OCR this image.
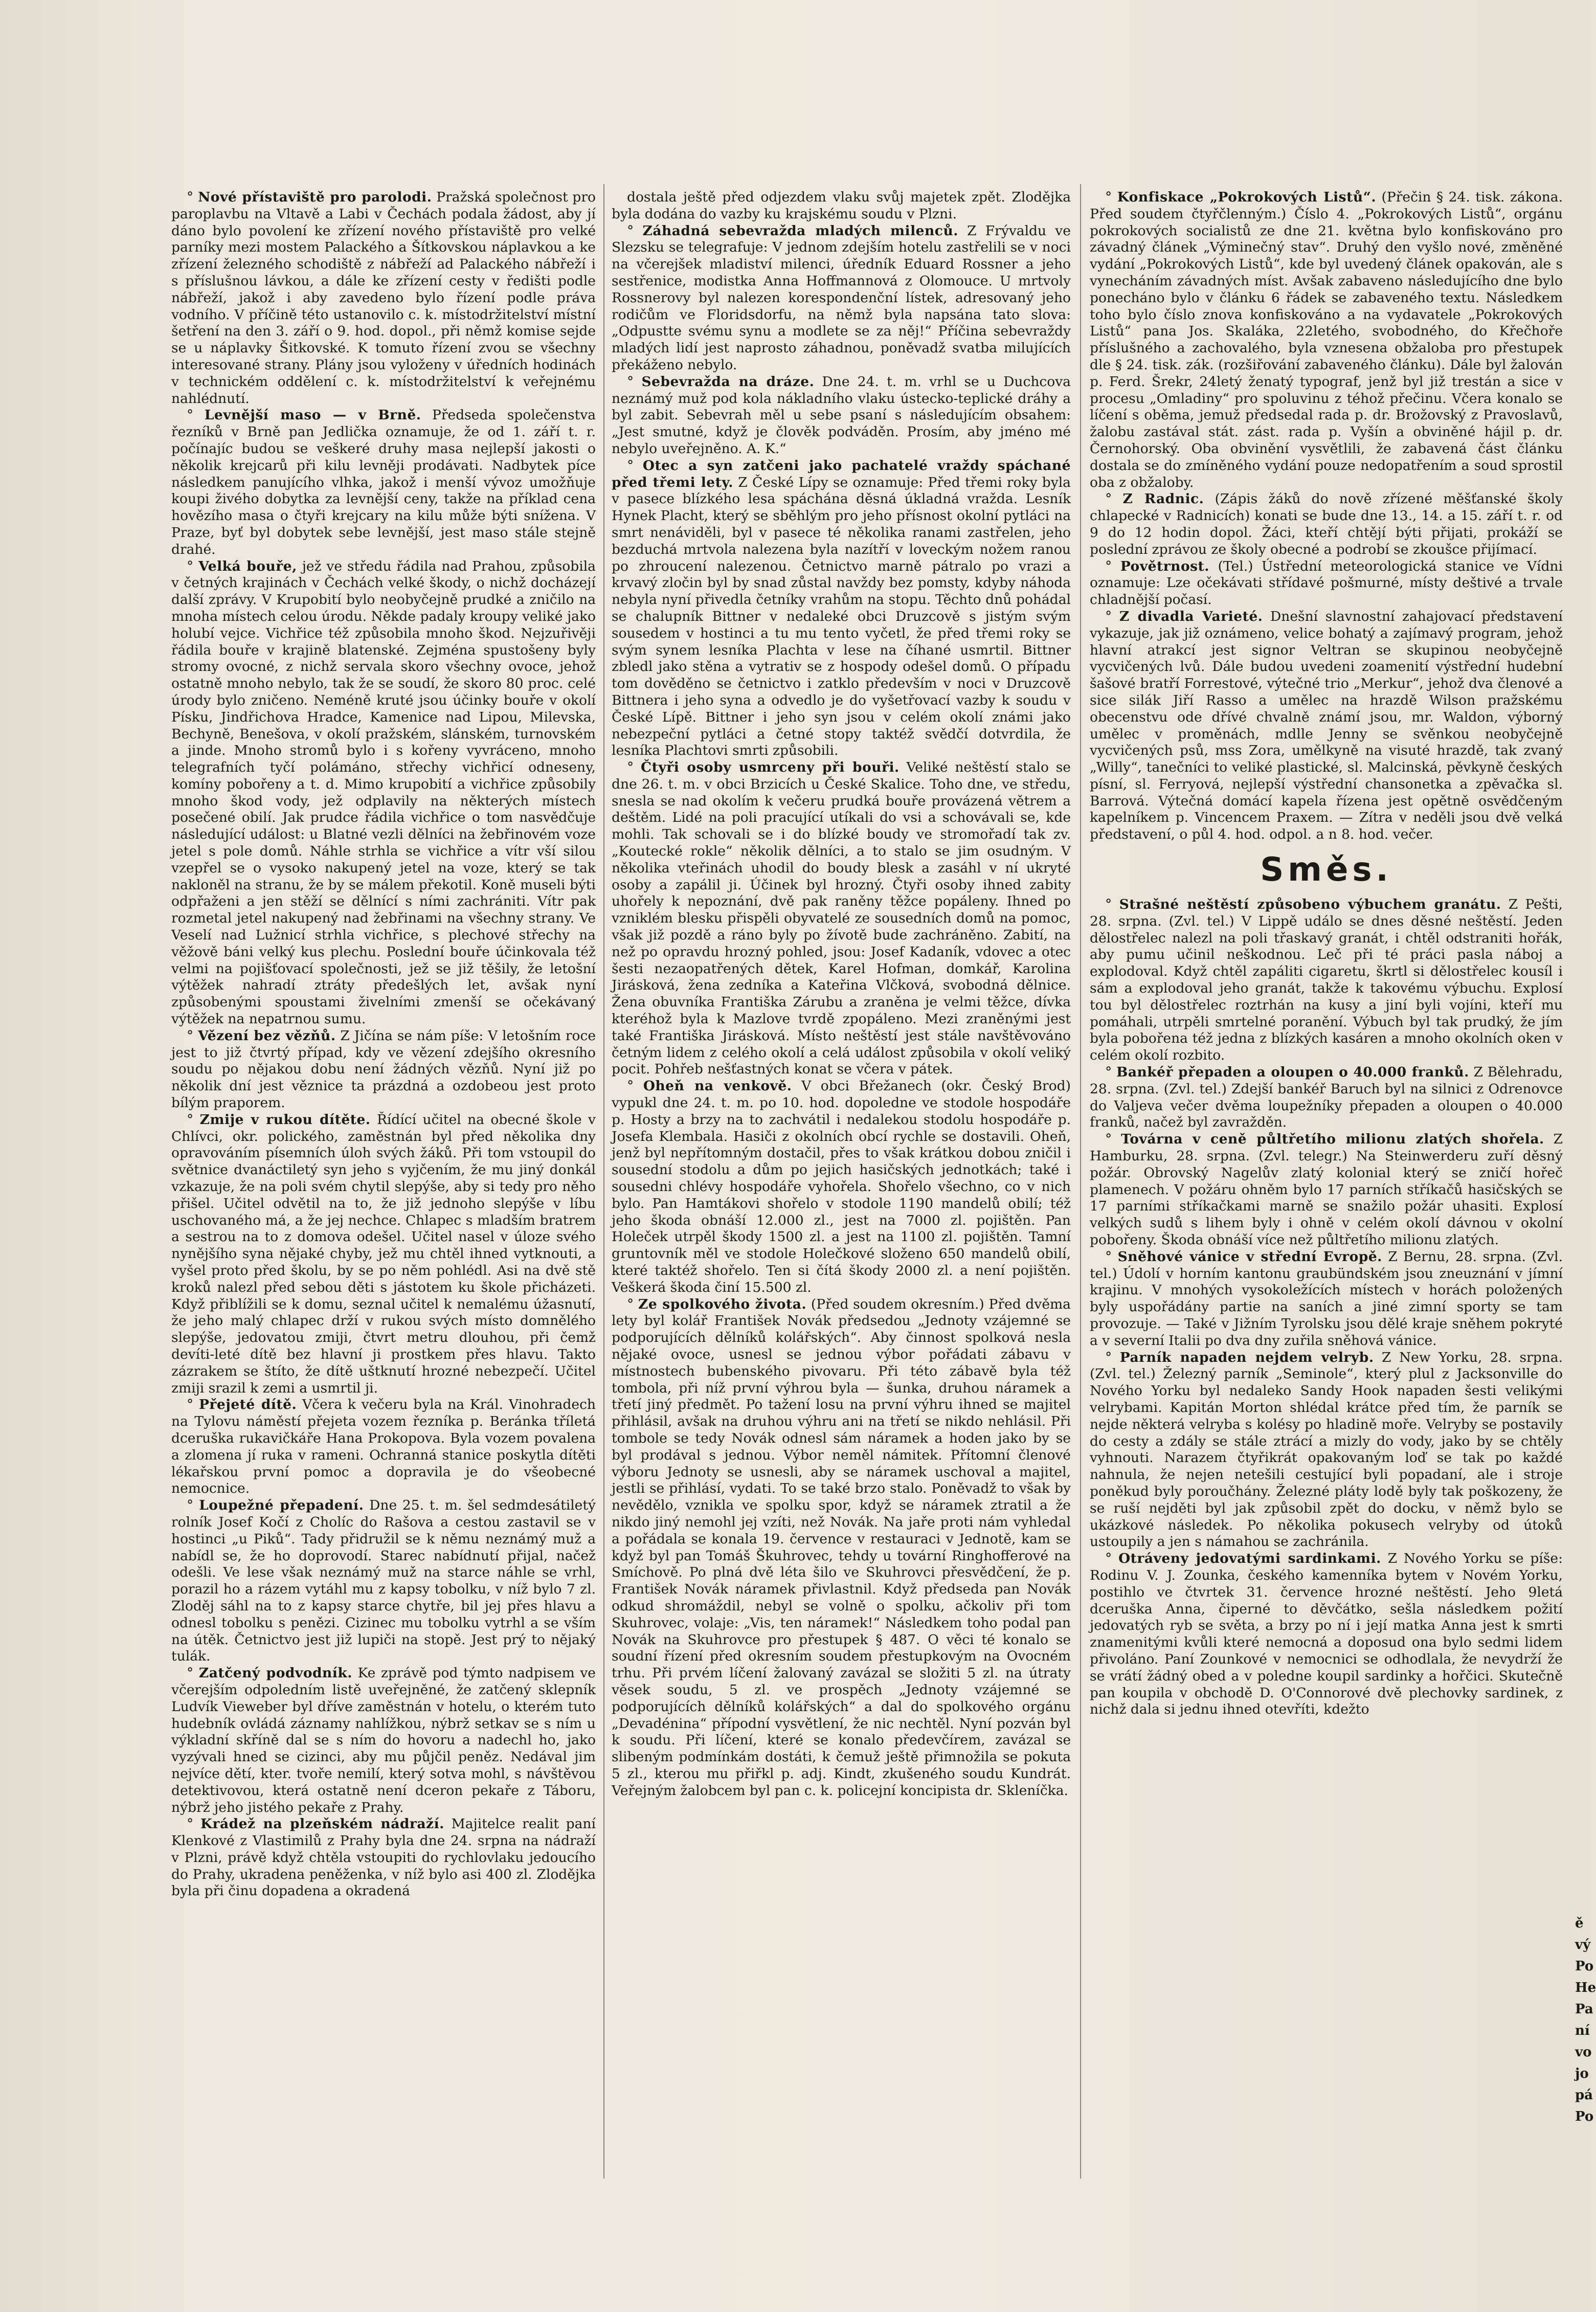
° Nové přístaviště pro parolodi. Pražská společnost pro paroplavbu na Vltavě a Labi v Čechách podala žádost, aby jí dáno bylo povolení ke zřízení nového přístaviště pro velké parníky mezi mostem Palackého a Šítkovskou náplavkou a ke zřízení železného schodiště z nábřeží ad Palackého nábřeží i s příslušnou lávkou, a dále ke zřízení cesty v ředišti podle nábřeží, jakož i aby zavedeno bylo řízení podle práva vodního. V příčině této ustanovilo c. k. místodržitelství místní šetření na den 3. září o 9. hod. dopol., při němž komise sejde se u náplavky Šitkovské. K tomuto řízení zvou se všechny interesované strany. Plány jsou vyloženy v úředních hodinách v technickém oddělení c. k. místodržitelství k veřejnému nahlédnutí.

° Levnější maso — v Brně. Předseda společenstva řezníků v Brně pan Jedlička oznamuje, že od 1. září t. r. počínajíc budou se veškeré druhy masa nejlepší jakosti o několik krejcarů při kilu levněji prodávati. Nadbytek píce následkem panujícího vlhka, jakož i menší vývoz umožňuje koupi živého dobytka za levnější ceny, takže na příklad cena hovězího masa o čtyři krejcary na kilu může býti snížena. V Praze, byť byl dobytek sebe levnější, jest maso stále stejně drahé.

° Velká bouře, jež ve středu řádila nad Prahou, způsobila v četných krajinách v Čechách velké škody, o nichž docházejí další zprávy. V Krupobití bylo neobyčejně prudké a zničilo na mnoha místech celou úrodu. Někde padaly kroupy veliké jako holubí vejce. Vichřice též způsobila mnoho škod. Nejzuřivěji řádila bouře v krajině blatenské. Zejména spustošeny byly stromy ovocné, z nichž servala skoro všechny ovoce, jehož ostatně mnoho nebylo, tak že se soudí, že skoro 80 proc. celé úrody bylo zničeno. Neméně kruté jsou účinky bouře v okolí Písku, Jindřichova Hradce, Kamenice nad Lipou, Milevska, Bechyně, Benešova, v okolí pražském, slánském, turnovském a jinde. Mnoho stromů bylo i s kořeny vyvráceno, mnoho telegrafních tyčí polámáno, střechy vichřicí odneseny, komíny pobořeny a t. d. Mimo krupobití a vichřice způsobily mnoho škod vody, jež odplavily na některých místech posečené obilí. Jak prudce řádila vichřice o tom nasvědčuje následující událost: u Blatné vezli dělníci na žebřinovém voze jetel s pole domů. Náhle strhla se vichřice a vítr vší silou vzepřel se o vysoko nakupený jetel na voze, který se tak nakloněl na stranu, že by se málem překotil. Koně museli býti odpřaženi a jen stěží se dělnící s ními zachrániti. Vítr pak rozmetal jetel nakupený nad žebřinami na všechny strany. Ve Veselí nad Lužnicí strhla vichřice, s plechové střechy na věžově báni velký kus plechu. Poslední bouře účinkovala též velmi na pojišťovací společnosti, jež se již těšily, že letošní výtěžek nahradí ztráty předešlých let, avšak nyní způsobenými spoustami živelními zmenší se očekávaný výtěžek na nepatrnou sumu.

° Vězení bez vězňů. Z Jičína se nám píše: V letošním roce jest to již čtvrtý případ, kdy ve vězení zdejšího okresního soudu po nějakou dobu není žádných vězňů. Nyní již po několik dní jest věznice ta prázdná a ozdobeou jest proto bílým praporem.

° Zmije v rukou dítěte. Řídící učitel na obecné škole v Chlívci, okr. polického, zaměstnán byl před několika dny opravováním písemních úloh svých žáků. Při tom vstoupil do světnice dvanáctiletý syn jeho s vyjčením, že mu jiný donkál vzkazuje, že na poli svém chytil slepýše, aby si tedy pro něho přišel. Učitel odvětil na to, že již jednoho slepýše v líbu uschovaného má, a že jej nechce. Chlapec s mladším bratrem a sestrou na to z domova odešel. Učitel nasel v úloze svého nynějšího syna nějaké chyby, jež mu chtěl ihned vytknouti, a vyšel proto před školu, by se po něm pohlédl. Asi na dvě stě kroků nalezl před sebou děti s jástotem ku škole přicházeti. Když přiblížili se k domu, seznal učitel k nemalému úžasnutí, že jeho malý chlapec drží v rukou svých místo domnělého slepýše, jedovatou zmiji, čtvrt metru dlouhou, při čemž devíti-leté dítě bez hlavní ji prostkem přes hlavu. Takto zázrakem se štíto, že dítě uštknutí hrozné nebezpečí. Učitel zmiji srazil k zemi a usmrtil ji.

° Přejeté dítě. Včera k večeru byla na Král. Vinohradech na Tylovu náměstí přejeta vozem řezníka p. Beránka tříletá dceruška rukavičkáře Hana Prokopova. Byla vozem povalena a zlomena jí ruka v rameni. Ochranná stanice poskytla dítěti lékařskou první pomoc a dopravila je do všeobecné nemocnice.

° Loupežné přepadení. Dne 25. t. m. šel sedmdesátiletý rolník Josef Kočí z Cholíc do Rašova a cestou zastavil se v hostinci „u Piků“. Tady přidružil se k němu neznámý muž a nabídl se, že ho doprovodí. Starec nabídnutí přijal, načež odešli. Ve lese však neznámý muž na starce náhle se vrhl, porazil ho a rázem vytáhl mu z kapsy tobolku, v níž bylo 7 zl. Zloděj sáhl na to z kapsy starce chytře, bil jej přes hlavu a odnesl tobolku s penězi. Cizinec mu tobolku vytrhl a se vším na útěk. Četnictvo jest již lupiči na stopě. Jest prý to nějaký tulák.

° Zatčený podvodník. Ke zprávě pod týmto nadpisem ve včerejším odpoledním listě uveřejněné, že zatčený sklepník Ludvík Vieweber byl dříve zaměstnán v hotelu, o kterém tuto hudebník ovládá záznamy nahlížkou, nýbrž setkav se s ním u výkladní skříně dal se s ním do hovoru a nadechl ho, jako vyzývali hned se cizinci, aby mu půjčil peněz. Nedával jim nejvíce dětí, kter. tvoře nemilí, který sotva mohl, s návštěvou detektivovou, která ostatně není dceron pekaře z Táboru, nýbrž jeho jistého pekaře z Prahy.

° Krádež na plzeňském nádraží. Majitelce realit paní Klenkové z Vlastimilů z Prahy byla dne 24. srpna na nádraží v Plzni, právě když chtěla vstoupiti do rychlovlaku jedoucího do Prahy, ukradena peněženka, v níž bylo asi 400 zl. Zlodějka byla při činu dopadena a okradená

dostala ještě před odjezdem vlaku svůj majetek zpět. Zlodějka byla dodána do vazby ku krajskému soudu v Plzni.

° Záhadná sebevražda mladých milenců. Z Frývaldu ve Slezsku se telegrafuje: V jednom zdejším hotelu zastřelili se v noci na včerejšek mladiství milenci, úředník Eduard Rossner a jeho sestřenice, modistka Anna Hoffmannová z Olomouce. U mrtvoly Rossnerovy byl nalezen korespondenční lístek, adresovaný jeho rodičům ve Floridsdorfu, na němž byla napsána tato slova: „Odpustte svému synu a modlete se za něj!“ Příčina sebevraždy mladých lidí jest naprosto záhadnou, poněvadž svatba milujících překáženo nebylo.

° Sebevražda na dráze. Dne 24. t. m. vrhl se u Duchcova neznámý muž pod kola nákladního vlaku ústecko-teplické dráhy a byl zabit. Sebevrah měl u sebe psaní s následujícím obsahem: „Jest smutné, když je člověk podváděn. Prosím, aby jméno mé nebylo uveřejněno. A. K.“

° Otec a syn zatčeni jako pachatelé vraždy spáchané před třemi lety. Z České Lípy se oznamuje: Před třemi roky byla v pasece blízkého lesa spáchána děsná úkladná vražda. Lesník Hynek Placht, který se sběhlým pro jeho přísnost okolní pytláci na smrt nenáviděli, byl v pasece té několika ranami zastřelen, jeho bezduchá mrtvola nalezena byla nazítří v loveckým nožem ranou po zhroucení nalezenou. Četnictvo marně pátralo po vrazi a krvavý zločin byl by snad zůstal navždy bez pomsty, kdyby náhoda nebyla nyní přivedla četníky vrahům na stopu. Těchto dnů pohádal se chalupník Bittner v nedaleké obci Druzcově s jistým svým sousedem v hostinci a tu mu tento vyčetl, že před třemi roky se svým synem lesníka Plachta v lese na číhané usmrtil. Bittner zbledl jako stěna a vytrativ se z hospody odešel domů. O případu tom dověděno se četnictvo i zatklo především v noci v Druzcově Bittnera i jeho syna a odvedlo je do vyšetřovací vazby k soudu v České Lípě. Bittner i jeho syn jsou v celém okolí známi jako nebezpeční pytláci a četné stopy taktéž svědčí dotvrdila, že lesníka Plachtovi smrti způsobili.

° Čtyři osoby usmrceny při bouři. Veliké neštěstí stalo se dne 26. t. m. v obci Brzicích u České Skalice. Toho dne, ve středu, snesla se nad okolím k večeru prudká bouře provázená větrem a deštěm. Lidé na poli pracující utíkali do vsi a schovávali se, kde mohli. Tak schovali se i do blízké boudy ve stromořadí tak zv. „Koutecké rokle“ několik dělníci, a to stalo se jim osudným. V několika vteřinách uhodil do boudy blesk a zasáhl v ní ukryté osoby a zapálil ji. Účinek byl hrozný. Čtyři osoby ihned zabity uhořely k nepoznání, dvě pak raněny těžce popáleny. Ihned po vzniklém blesku přispěli obyvatelé ze sousedních domů na pomoc, však již pozdě a ráno byly po žívotě bude zachráněno. Zabití, na než po opravdu hrozný pohled, jsou: Josef Kadaník, vdovec a otec šesti nezaopatřených dětek, Karel Hofman, domkář, Karolina Jirásková, žena zedníka a Kateřina Vlčková, svobodná dělnice. Žena obuvníka Františka Zárubu a zraněna je velmi těžce, dívka kteréhož byla k Mazlove tvrdě zpopáleno. Mezi zraněnými jest také Františka Jirásková. Místo neštěstí jest stále navštěvováno četným lidem z celého okolí a celá událost způsobila v okolí veliký pocit. Pohřeb nešťastných konat se včera v pátek.

° Oheň na venkově. V obci Břežanech (okr. Český Brod) vypukl dne 24. t. m. po 10. hod. dopoledne ve stodole hospodáře p. Hosty a brzy na to zachvátil i nedalekou stodolu hospodáře p. Josefa Klembala. Hasiči z okolních obcí rychle se dostavili. Oheň, jenž byl nepřítomným dostačil, přes to však krátkou dobou zničil i sousední stodolu a dům po jejich hasičských jednotkách; také i sousedni chlévy hospodáře vyhořela. Shořelo všechno, co v nich bylo. Pan Hamtákovi shořelo v stodole 1190 mandelů obilí; též jeho škoda obnáší 12.000 zl., jest na 7000 zl. pojištěn. Pan Holeček utrpěl škody 1500 zl. a jest na 1100 zl. pojištěn. Tamní gruntovník měl ve stodole Holečkové složeno 650 mandelů obilí, které taktéž shořelo. Ten si čítá škody 2000 zl. a není pojištěn. Veškerá škoda činí 15.500 zl.

° Ze spolkového života. (Před soudem okresním.) Před dvěma lety byl kolář František Novák předsedou „Jednoty vzájemné se podporujících dělníků kolářských“. Aby činnost spolková nesla nějaké ovoce, usnesl se jednou výbor pořádati zábavu v místnostech bubenského pivovaru. Při této zábavě byla též tombola, při níž první výhrou byla — šunka, druhou náramek a třetí jiný předmět. Po tažení losu na první výhru ihned se majitel přihlásil, avšak na druhou výhru ani na třetí se nikdo nehlásil. Při tombole se tedy Novák odnesl sám náramek a hoden jako by se byl prodával s jednou. Výbor neměl námitek. Přítomní členové výboru Jednoty se usnesli, aby se náramek uschoval a majitel, jestli se přihlásí, vydati. To se také brzo stalo. Poněvadž to však by nevědělo, vznikla ve spolku spor, když se náramek ztratil a že nikdo jiný nemohl jej vzíti, než Novák. Na jaře proti nám vyhledal a pořádala se konala 19. července v restauraci v Jednotě, kam se když byl pan Tomáš Škuhrovec, tehdy u tovární Ringhofferové na Smíchově. Po plná dvě léta šilo ve Skuhrovci přesvědčení, že p. František Novák náramek přivlastnil. Když předseda pan Novák odkud shromáždil, nebyl se volně o spolku, ačkoliv při tom Skuhrovec, volaje: „Vis, ten náramek!“ Následkem toho podal pan Novák na Skuhrovce pro přestupek § 487. O věci té konalo se soudní řízení před okresním soudem přestupkovým na Ovocném trhu. Při prvém líčení žalovaný zavázal se složiti 5 zl. na útraty věsek soudu, 5 zl. ve prospěch „Jednoty vzájemné se podporujících dělníků kolářských“ a dal do spolkového orgánu „Devadénina“ přípodní vysvětlení, že nic nechtěl. Nyní pozván byl k soudu. Při líčení, které se konalo předevčírem, zavázal se slibeným podmínkám dostáti, k čemuž ještě přimnožila se pokuta 5 zl., kterou mu přiřkl p. adj. Kindt, zkušeného soudu Kundrát. Veřejným žalobcem byl pan c. k. policejní koncipista dr. Skleníčka.

° Konfiskace „Pokrokových Listů“. (Přečin § 24. tisk. zákona. Před soudem čtyřčlenným.) Číslo 4. „Pokrokových Listů“, orgánu pokrokových socialistů ze dne 21. května bylo konfiskováno pro závadný článek „Výminečný stav“. Druhý den vyšlo nové, změněné vydání „Pokrokových Listů“, kde byl uvedený článek opakován, ale s vynecháním závadných míst. Avšak zabaveno následujícího dne bylo ponecháno bylo v článku 6 řádek se zabaveného textu. Následkem toho bylo číslo znova konfiskováno a na vydavatele „Pokrokových Listů“ pana Jos. Skaláka, 22letého, svobodného, do Křečhoře příslušného a zachovalého, byla vznesena obžaloba pro přestupek dle § 24. tisk. zák. (rozšiřování zabaveného článku). Dále byl žalován p. Ferd. Šrekr, 24letý ženatý typograf, jenž byl již trestán a sice v procesu „Omladiny“ pro spoluvinu z téhož přečinu. Včera konalo se líčení s oběma, jemuž předsedal rada p. dr. Brožovský z Pravoslavů, žalobu zastával stát. zást. rada p. Vyšín a obviněné hájil p. dr. Černohorský. Oba obvinění vysvětlili, že zabavená část článku dostala se do zmíněného vydání pouze nedopatřením a soud sprostil oba z obžaloby.

° Z Radnic. (Zápis žáků do nově zřízené měšťanské školy chlapecké v Radnicích) konati se bude dne 13., 14. a 15. září t. r. od 9 do 12 hodin dopol. Žáci, kteří chtějí býti přijati, prokáží se poslední zprávou ze školy obecné a podrobí se zkoušce přijímací.

° Povětrnost. (Tel.) Ústřední meteorologická stanice ve Vídni oznamuje: Lze očekávati střídavé pošmurné, místy deštivé a trvale chladnější počasí.

° Z divadla Varieté. Dnešní slavnostní zahajovací představení vykazuje, jak již oznámeno, velice bohatý a zajímavý program, jehož hlavní atrakcí jest signor Veltran se skupinou neobyčejně vycvičených lvů. Dále budou uvedeni zoamenití výstřední hudební šašové bratří Forrestové, výtečné trio „Merkur“, jehož dva členové a sice silák Jiří Rasso a umělec na hrazdě Wilson pražskému obecenstvu ode dřívé chvalně známí jsou, mr. Waldon, výborný umělec v proměnách, mdlle Jenny se svěnkou neobyčejně vycvičených psů, mss Zora, umělkyně na visuté hrazdě, tak zvaný „Willy“, tanečníci to veliké plastické, sl. Malcinská, pěvkyně českých písní, sl. Ferryová, nejlepší výstřední chansonetka a zpěvačka sl. Barrová. Výtečná domácí kapela řízena jest opětně osvědčeným kapelníkem p. Vincencem Praxem. — Zítra v neděli jsou dvě velká představení, o půl 4. hod. odpol. a n 8. hod. večer.

Směs.

° Strašné neštěstí způsobeno výbuchem granátu. Z Pešti, 28. srpna. (Zvl. tel.) V Lippě událo se dnes děsné neštěstí. Jeden dělostřelec nalezl na poli třaskavý granát, i chtěl odstraniti hořák, aby pumu učinil neškodnou. Leč při té práci pasla náboj a explodoval. Když chtěl zapáliti cigaretu, škrtl si dělostřelec kousíl i sám a explodoval jeho granát, takže k takovému výbuchu. Explosí tou byl dělostřelec roztrhán na kusy a jiní byli vojíni, kteří mu pomáhali, utrpěli smrtelné poranění. Výbuch byl tak prudký, že jím byla pobořena též jedna z blízkých kasáren a mnoho okolních oken v celém okolí rozbito.

° Bankéř přepaden a oloupen o 40.000 franků. Z Bělehradu, 28. srpna. (Zvl. tel.) Zdejší bankéř Baruch byl na silnici z Odrenovce do Valjeva večer dvěma loupežníky přepaden a oloupen o 40.000 franků, načež byl zavražděn.

° Továrna v ceně půltřetího milionu zlatých shořela. Z Hamburku, 28. srpna. (Zvl. telegr.) Na Steinwerderu zuří děsný požár. Obrovský Nagelův zlatý kolonial který se zničí hořeč plamenech. V požáru ohněm bylo 17 parních stříkačů hasičských se 17 parními stříkačkami marně se snažilo požár uhasiti. Explosí velkých sudů s lihem byly i ohně v celém okolí dávnou v okolní pobořeny. Škoda obnáší více než půltřetího milionu zlatých.

° Sněhové vánice v střední Evropě. Z Bernu, 28. srpna. (Zvl. tel.) Údolí v horním kantonu graubündském jsou zneuznání v jímní krajinu. V mnohých vysokoležících místech v horách položených byly uspořádány partie na saních a jiné zimní sporty se tam provozuje. — Také v Jižním Tyrolsku jsou dělé kraje sněhem pokryté a v severní Italii po dva dny zuřila sněhová vánice.

° Parník napaden nejdem velryb. Z New Yorku, 28. srpna. (Zvl. tel.) Železný parník „Seminole“, který plul z Jacksonville do Nového Yorku byl nedaleko Sandy Hook napaden šesti velikými velrybami. Kapitán Morton shlédal krátce před tím, že parník se nejde některá velryba s kolésy po hladině moře. Velryby se postavily do cesty a zdály se stále ztrácí a mizly do vody, jako by se chtěly vyhnouti. Narazem čtyřikrát opakovaným loď se tak po každé nahnula, že nejen netešili cestující byli popadaní, ale i stroje poněkud byly poroučhány. Železné pláty lodě byly tak poškozeny, že se ruší nejděti byl jak způsobil zpět do docku, v němž bylo se ukázkové následek. Po několika pokusech velryby od útoků ustoupily a jen s námahou se zachránila.

° Otráveny jedovatými sardinkami. Z Nového Yorku se píše: Rodinu V. J. Zounka, českého kamenníka bytem v Novém Yorku, postihlo ve čtvrtek 31. července hrozné neštěstí. Jeho 9letá dceruška Anna, čiperné to děvčátko, sešla následkem požití jedovatých ryb se světa, a brzy po ní i její matka Anna jest k smrti znamenitými kvůli které nemocná a doposud ona bylo sedmi lidem přivoláno. Paní Zounkové v nemocnici se odhodlala, že nevydrží že se vrátí žádný obed a v poledne koupil sardinky a hořčici. Skutečně pan koupila v obchodě D. O'Connorové dvě plechovky sardinek, z nichž dala si jednu ihned otevříti, kdežto

ě
vý
Po
He
Pa
ní
vo
jo
pá
Po
